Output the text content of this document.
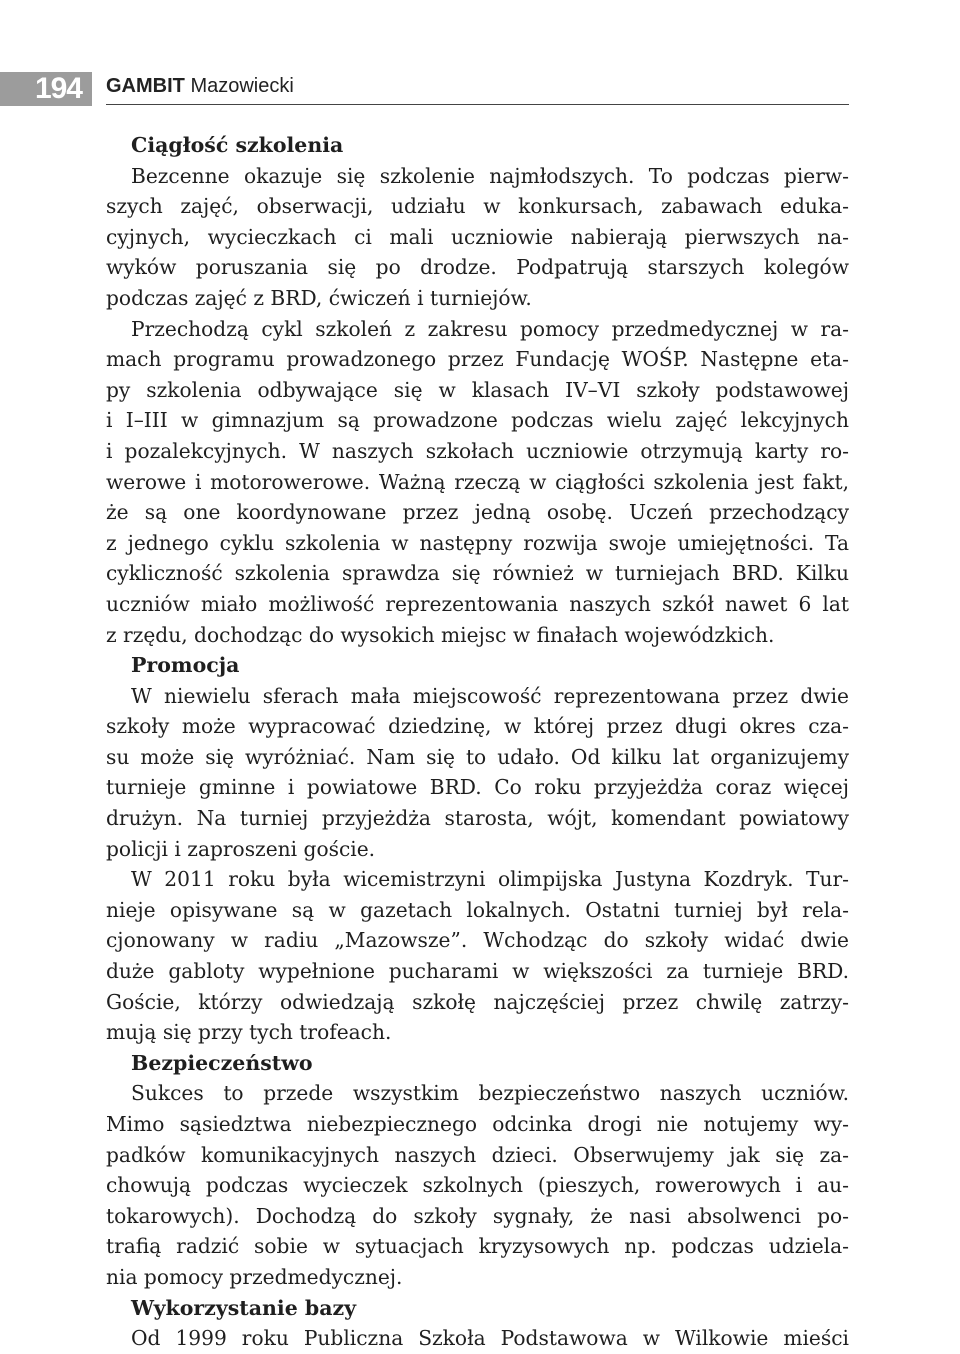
194	GAMBIT Mazowiecki
Ciągłość szkolenia
Bezcenne okazuje się szkolenie najmłodszych. To podczas pierw-
szych zajęć, obserwacji, udziału w konkursach, zabawach eduka-
cyjnych, wycieczkach ci mali uczniowie nabierają pierwszych na-
wyków poruszania się po drodze. Podpatrują starszych kolegów
podczas zajęć z BRD, ćwiczeń i turniejów.
Przechodzą cykl szkoleń z zakresu pomocy przedmedycznej w ra-
mach programu prowadzonego przez Fundację WOŚP. Następne eta-
py szkolenia odbywające się w klasach IV–VI szkoły podstawowej
i I–III w gimnazjum są prowadzone podczas wielu zajęć lekcyjnych
i pozalekcyjnych. W naszych szkołach uczniowie otrzymują karty ro-
werowe i motorowerowe. Ważną rzeczą w ciągłości szkolenia jest fakt,
że są one koordynowane przez jedną osobę. Uczeń przechodzący
z jednego cyklu szkolenia w następny rozwija swoje umiejętności. Ta
cykliczność szkolenia sprawdza się również w turniejach BRD. Kilku
uczniów miało możliwość reprezentowania naszych szkół nawet 6 lat
z rzędu, dochodząc do wysokich miejsc w finałach wojewódzkich.
Promocja
W niewielu sferach mała miejscowość reprezentowana przez dwie
szkoły może wypracować dziedzinę, w której przez długi okres cza-
su może się wyróżniać. Nam się to udało. Od kilku lat organizujemy
turnieje gminne i powiatowe BRD. Co roku przyjeżdża coraz więcej
drużyn. Na turniej przyjeżdża starosta, wójt, komendant powiatowy
policji i zaproszeni goście.
W 2011 roku była wicemistrzyni olimpijska Justyna Kozdryk. Tur-
nieje opisywane są w gazetach lokalnych. Ostatni turniej był rela-
cjonowany w radiu „Mazowsze”. Wchodząc do szkoły widać dwie
duże gabloty wypełnione pucharami w większości za turnieje BRD.
Goście, którzy odwiedzają szkołę najczęściej przez chwilę zatrzy-
mują się przy tych trofeach.
Bezpieczeństwo
Sukces to przede wszystkim bezpieczeństwo naszych uczniów.
Mimo sąsiedztwa niebezpiecznego odcinka drogi nie notujemy wy-
padków komunikacyjnych naszych dzieci. Obserwujemy jak się za-
chowują podczas wycieczek szkolnych (pieszych, rowerowych i au-
tokarowych). Dochodzą do szkoły sygnały, że nasi absolwenci po-
trafią radzić sobie w sytuacjach kryzysowych np. podczas udziela-
nia pomocy przedmedycznej.
Wykorzystanie bazy
Od 1999 roku Publiczna Szkoła Podstawowa w Wilkowie mieści
